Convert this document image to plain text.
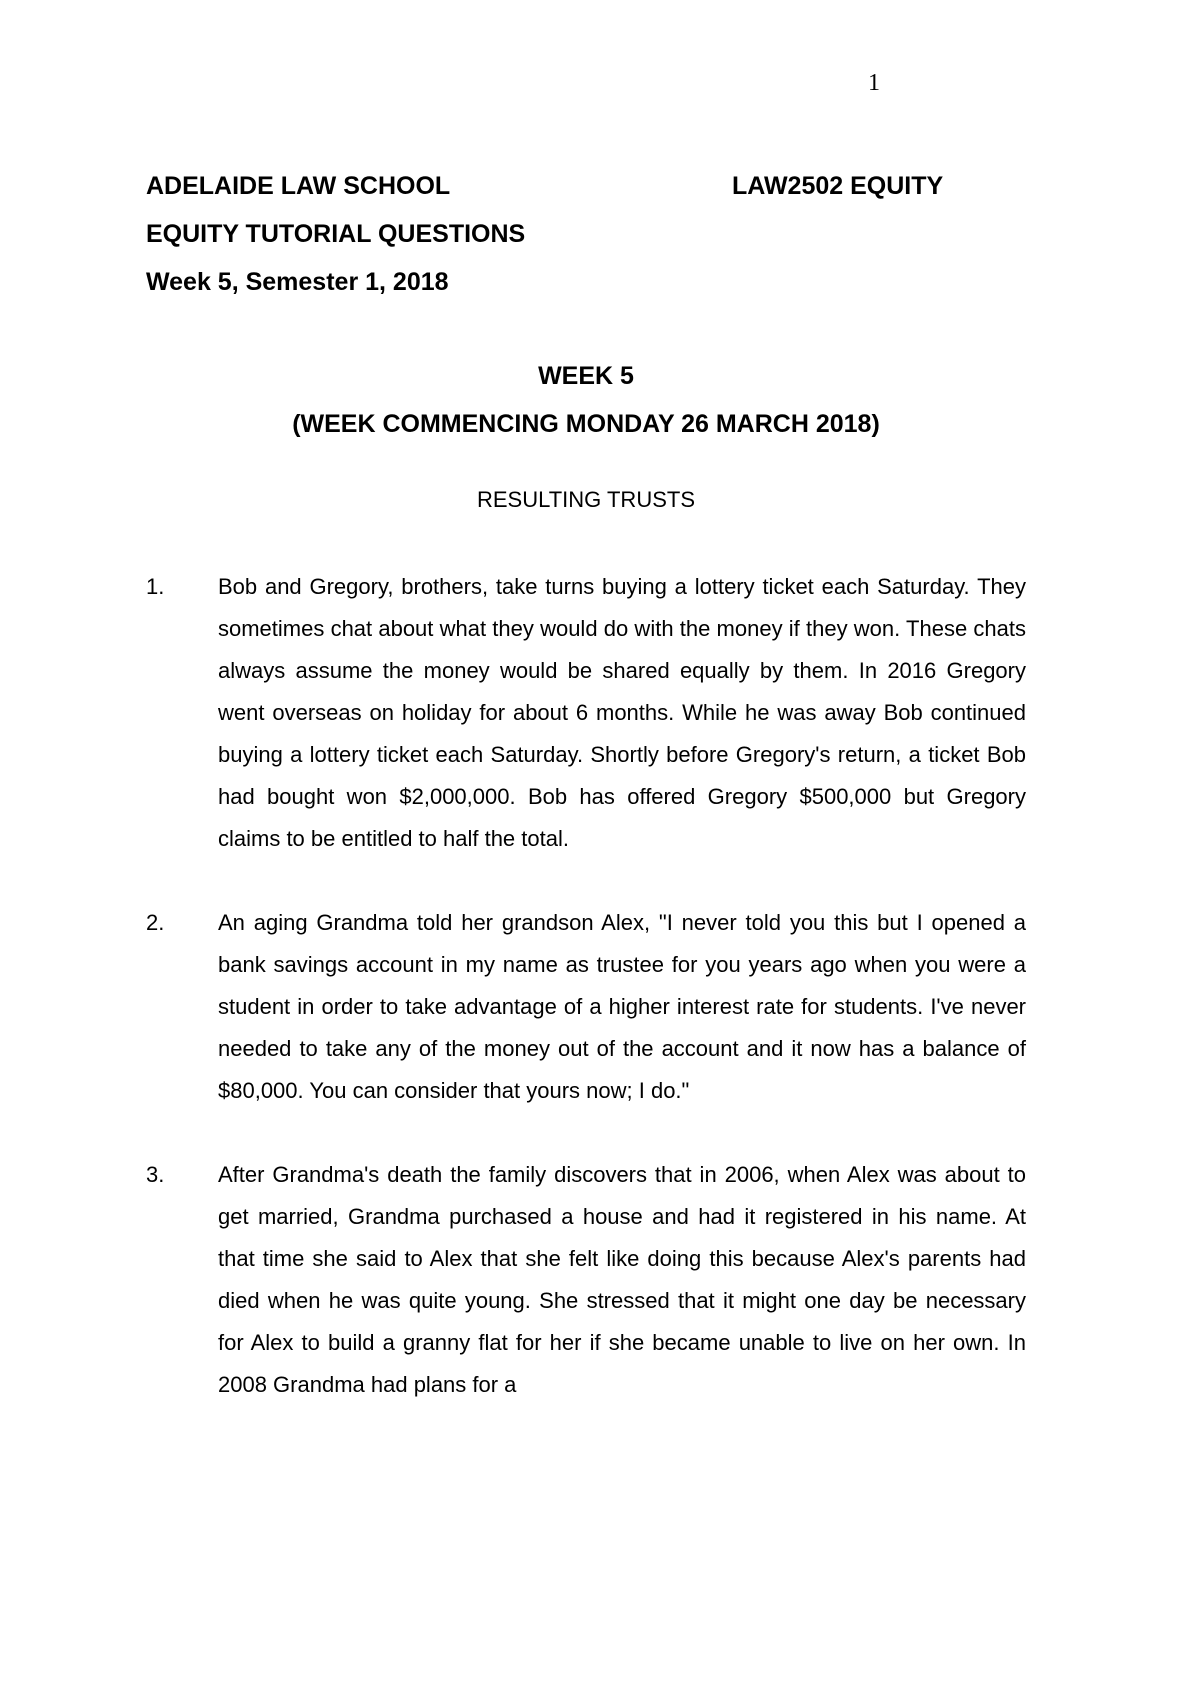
1
ADELAIDE LAW SCHOOL	LAW2502 EQUITY
EQUITY TUTORIAL QUESTIONS
Week 5, Semester 1, 2018
WEEK 5
(WEEK COMMENCING MONDAY 26 MARCH 2018)
RESULTING TRUSTS
1. Bob and Gregory, brothers, take turns buying a lottery ticket each Saturday. They sometimes chat about what they would do with the money if they won. These chats always assume the money would be shared equally by them. In 2016 Gregory went overseas on holiday for about 6 months. While he was away Bob continued buying a lottery ticket each Saturday. Shortly before Gregory's return, a ticket Bob had bought won $2,000,000. Bob has offered Gregory $500,000 but Gregory claims to be entitled to half the total.
2. An aging Grandma told her grandson Alex, "I never told you this but I opened a bank savings account in my name as trustee for you years ago when you were a student in order to take advantage of a higher interest rate for students. I've never needed to take any of the money out of the account and it now has a balance of $80,000. You can consider that yours now; I do."
3. After Grandma's death the family discovers that in 2006, when Alex was about to get married, Grandma purchased a house and had it registered in his name. At that time she said to Alex that she felt like doing this because Alex's parents had died when he was quite young. She stressed that it might one day be necessary for Alex to build a granny flat for her if she became unable to live on her own. In 2008 Grandma had plans for a
